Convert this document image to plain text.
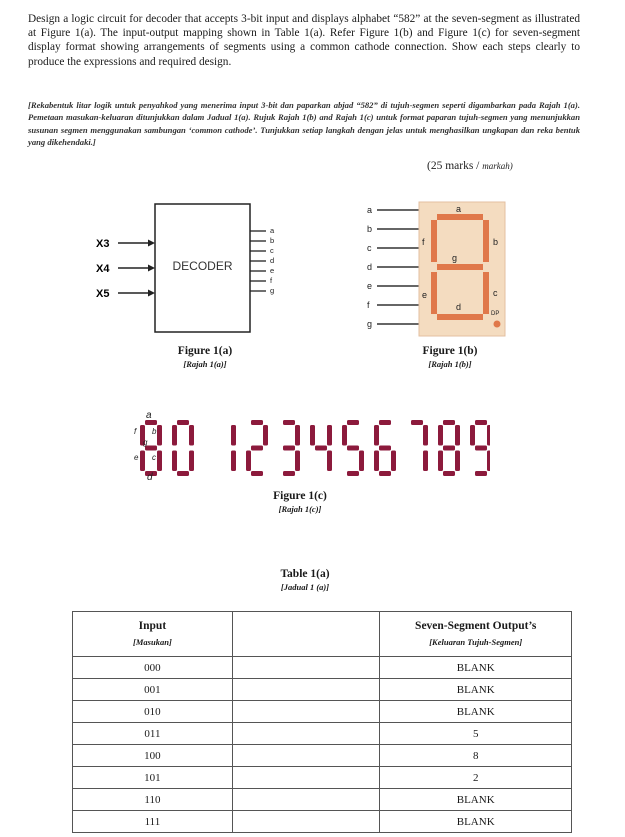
Design a logic circuit for decoder that accepts 3-bit input and displays alphabet “582” at the seven-segment as illustrated at Figure 1(a). The input-output mapping shown in Table 1(a). Refer Figure 1(b) and Figure 1(c) for seven-segment display format showing arrangements of segments using a common cathode connection. Show each steps clearly to produce the expressions and required design.
[Rekabentuk litar logik untuk penyahkod yang menerima input 3-bit dan paparkan abjad “582” di tujuh-segmen seperti digambarkan pada Rajah 1(a). Pemetaan masukan-keluaran ditunjukkan dalam Jadual 1(a). Rujuk Rajah 1(b) and Rajah 1(c) untuk format paparan tujuh-segmen yang menunjukkan susunan segmen menggunakan sambungan ‘common cathode’. Tunjukkan setiap langkah dengan jelas untuk menghasilkan ungkapan dan reka bentuk yang dikehendaki.]
(25 marks / markah)
DECODER
X3
X4
X5
a
b
c
d
e
f
g
Figure 1(a)
[Rajah 1(a)]
a
b
c
d
e
f
g
a
b
c
d
e
f
g
DP
Figure 1(b)
[Rajah 1(b)]
a
b
c
d
e
f
g
Figure 1(c)
[Rajah 1(c)]
Table 1(a)
[Jadual 1 (a)]
Input
[Masukan]		Seven-Segment Output’s
[Keluaran Tujuh-Segmen]

000		BLANK
001		BLANK
010		BLANK
011		5
100		8
101		2
110		BLANK
111		BLANK
